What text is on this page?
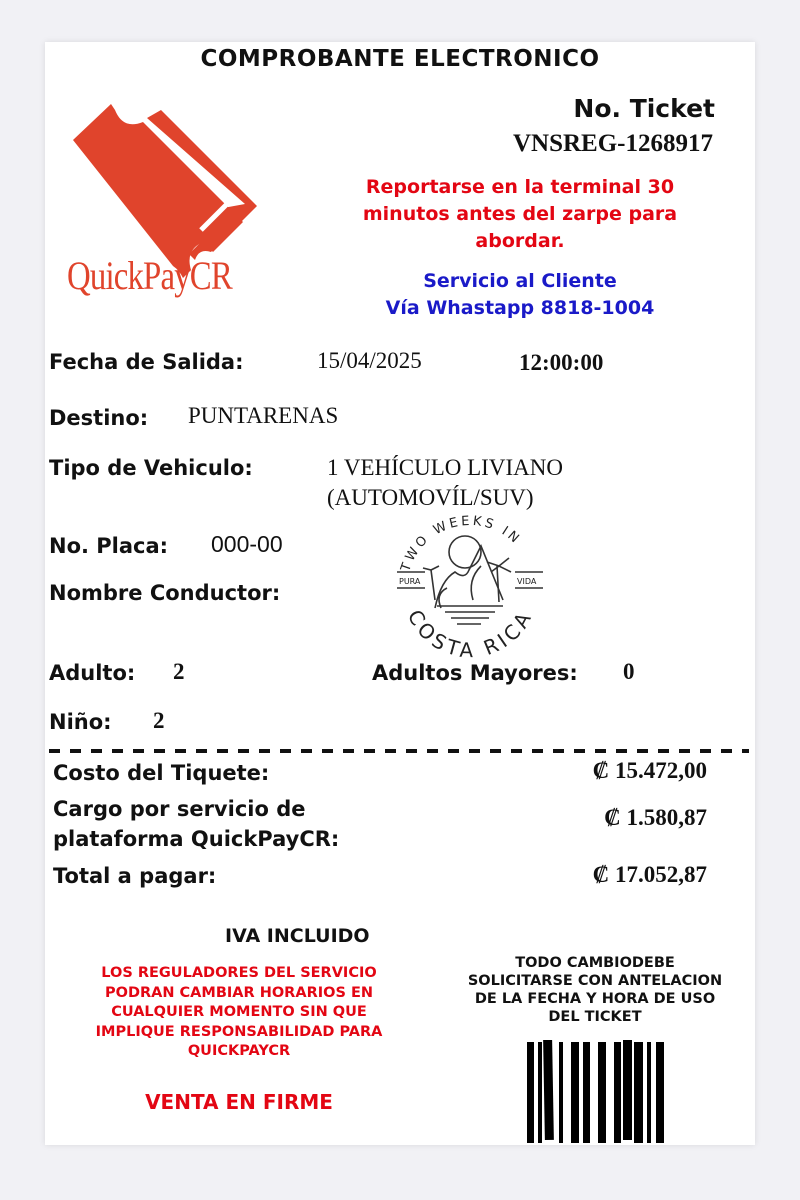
COMPROBANTE ELECTRONICO
QuickPayCR
No. Ticket
VNSREG-1268917
Reportarse en la terminal 30
minutos antes del zarpe para
abordar.
Servicio al Cliente
Vía Whastapp 8818-1004
Fecha de Salida:	15/04/2025	12:00:00
Destino: PUNTARENAS
Tipo de Vehiculo:	1 VEHÍCULO LIVIANO
(AUTOMOVÍL/SUV)
No. Placa: 000-00
Nombre Conductor:
TWO WEEKS IN
COSTA RICA
PURA	VIDA
Adulto: 2	Adultos Mayores: 0
Niño: 2
Costo del Tiquete:	₡ 15.472,00
Cargo por servicio de
plataforma QuickPayCR:
₡ 1.580,87
Total a pagar:	₡ 17.052,87
IVA INCLUIDO
LOS REGULADORES DEL SERVICIO
PODRAN CAMBIAR HORARIOS EN
CUALQUIER MOMENTO SIN QUE
IMPLIQUE RESPONSABILIDAD PARA
QUICKPAYCR
VENTA EN FIRME
TODO CAMBIODEBE
SOLICITARSE CON ANTELACION
DE LA FECHA Y HORA DE USO
DEL TICKET
